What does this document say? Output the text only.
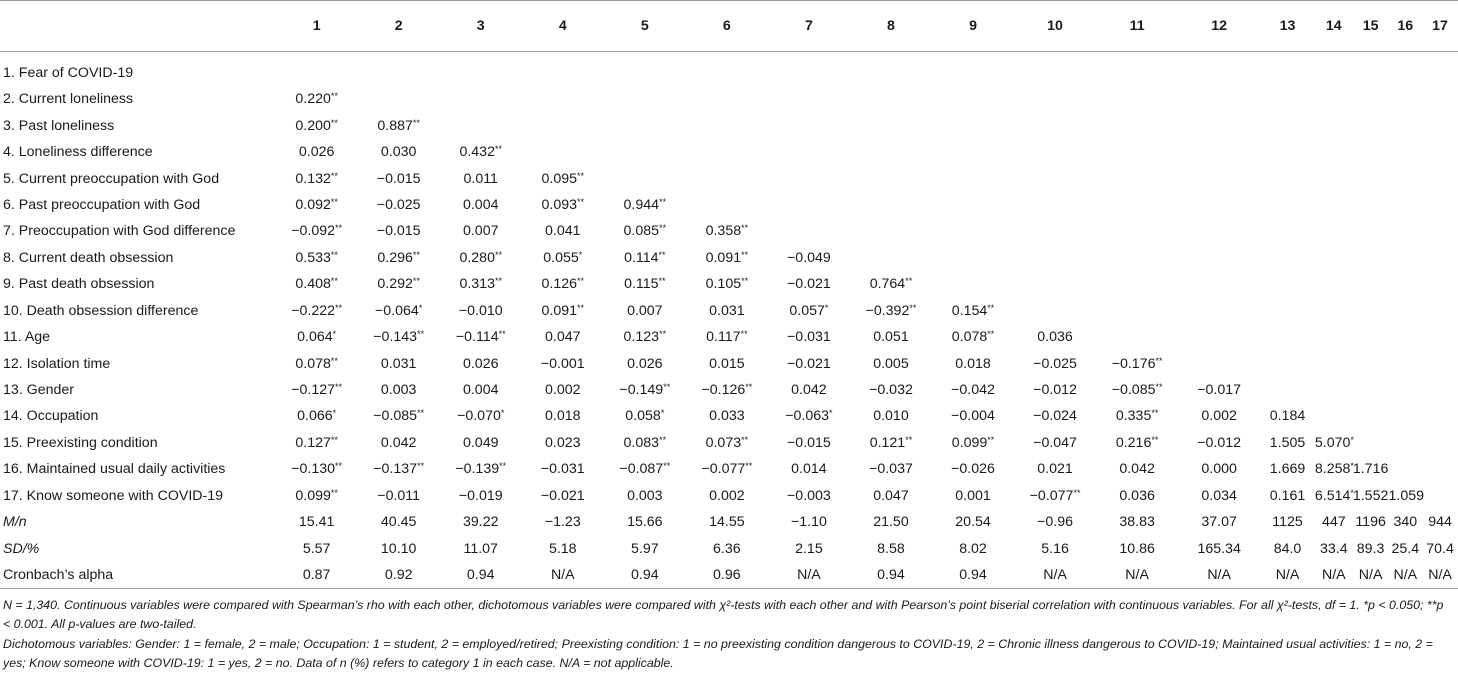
	1	2	3	4	5	6	7	8	9	10	11	12	13	14	15	16	17
1. Fear of COVID-19																	
2. Current loneliness	0.220**																
3. Past loneliness	0.200**	0.887**															
4. Loneliness difference	0.026	0.030	0.432**														
5. Current preoccupation with God	0.132**	−0.015	0.011	0.095**													
6. Past preoccupation with God	0.092**	−0.025	0.004	0.093**	0.944**												
7. Preoccupation with God difference	−0.092**	−0.015	0.007	0.041	0.085**	0.358**											
8. Current death obsession	0.533**	0.296**	0.280**	0.055*	0.114**	0.091**	−0.049										
9. Past death obsession	0.408**	0.292**	0.313**	0.126**	0.115**	0.105**	−0.021	0.764**									
10. Death obsession difference	−0.222**	−0.064*	−0.010	0.091**	0.007	0.031	0.057*	−0.392**	0.154**								
11. Age	0.064*	−0.143**	−0.114**	0.047	0.123**	0.117**	−0.031	0.051	0.078**	0.036							
12. Isolation time	0.078**	0.031	0.026	−0.001	0.026	0.015	−0.021	0.005	0.018	−0.025	−0.176**						
13. Gender	−0.127**	0.003	0.004	0.002	−0.149**	−0.126**	0.042	−0.032	−0.042	−0.012	−0.085**	−0.017					
14. Occupation	0.066*	−0.085**	−0.070*	0.018	0.058*	0.033	−0.063*	0.010	−0.004	−0.024	0.335**	0.002	0.184				
15. Preexisting condition	0.127**	0.042	0.049	0.023	0.083**	0.073**	−0.015	0.121**	0.099**	−0.047	0.216**	−0.012	1.505	5.070*			
16. Maintained usual daily activities	−0.130**	−0.137**	−0.139**	−0.031	−0.087**	−0.077**	0.014	−0.037	−0.026	0.021	0.042	0.000	1.669	8.258*	1.716		
17. Know someone with COVID-19	0.099**	−0.011	−0.019	−0.021	0.003	0.002	−0.003	0.047	0.001	−0.077**	0.036	0.034	0.161	6.514*	1.552	1.059	
M/n	15.41	40.45	39.22	−1.23	15.66	14.55	−1.10	21.50	20.54	−0.96	38.83	37.07	1125	447	1196	340	944
SD/%	5.57	10.10	11.07	5.18	5.97	6.36	2.15	8.58	8.02	5.16	10.86	165.34	84.0	33.4	89.3	25.4	70.4
Cronbach’s alpha	0.87	0.92	0.94	N/A	0.94	0.96	N/A	0.94	0.94	N/A	N/A	N/A	N/A	N/A	N/A	N/A	N/A

N = 1,340. Continuous variables were compared with Spearman’s rho with each other, dichotomous variables were compared with χ²-tests with each other and with Pearson’s point biserial correlation with continuous variables. For all χ²-tests, df = 1. *p < 0.050; **p < 0.001. All p-values are two-tailed.

Dichotomous variables: Gender: 1 = female, 2 = male; Occupation: 1 = student, 2 = employed/retired; Preexisting condition: 1 = no preexisting condition dangerous to COVID-19, 2 = Chronic illness dangerous to COVID-19; Maintained usual activities: 1 = no, 2 = yes; Know someone with COVID-19: 1 = yes, 2 = no. Data of n (%) refers to category 1 in each case. N/A = not applicable.
